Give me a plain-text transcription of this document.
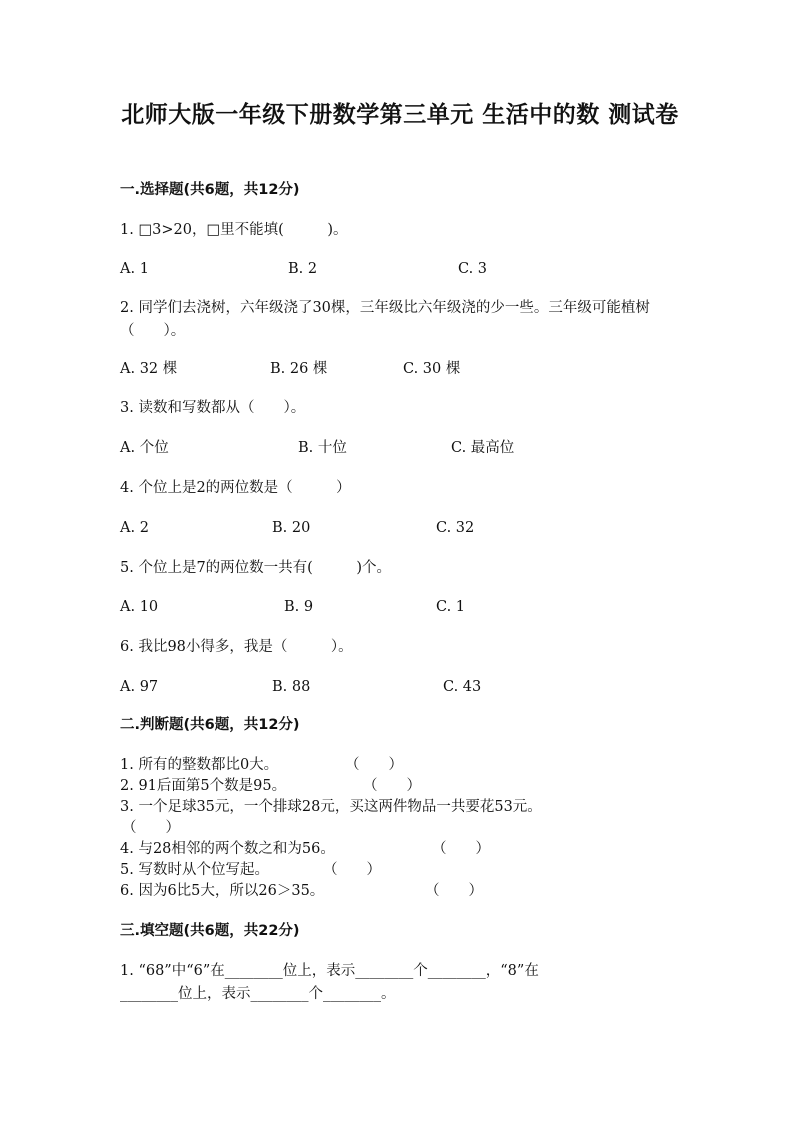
北师大版一年级下册数学第三单元 生活中的数 测试卷
一.选择题(共6题，共12分)
1. □3>20，□里不能填(　　　)。
A. 1	B. 2	C. 3
2. 同学们去浇树，六年级浇了30棵，三年级比六年级浇的少一些。三年级可能植树（　　）。
A. 32 棵	B. 26 棵	C. 30 棵
3. 读数和写数都从（　　）。
A. 个位	B. 十位	C. 最高位
4. 个位上是2的两位数是（　　　）
A. 2	B. 20	C. 32
5. 个位上是7的两位数一共有(　　　)个。
A. 10	B. 9	C. 1
6. 我比98小得多，我是（　　　）。
A. 97	B. 88	C. 43
二.判断题(共6题，共12分)
1. 所有的整数都比0大。	（　　）
2. 91后面第5个数是95。	（　　）
3. 一个足球35元，一个排球28元，买这两件物品一共要花53元。
（　　）
4. 与28相邻的两个数之和为56。	（　　）
5. 写数时从个位写起。	（　　）
6. 因为6比5大，所以26＞35。	（　　）
三.填空题(共6题，共22分)
1. “68”中“6”在________位上，表示________个________，“8”在
________位上，表示________个________。
